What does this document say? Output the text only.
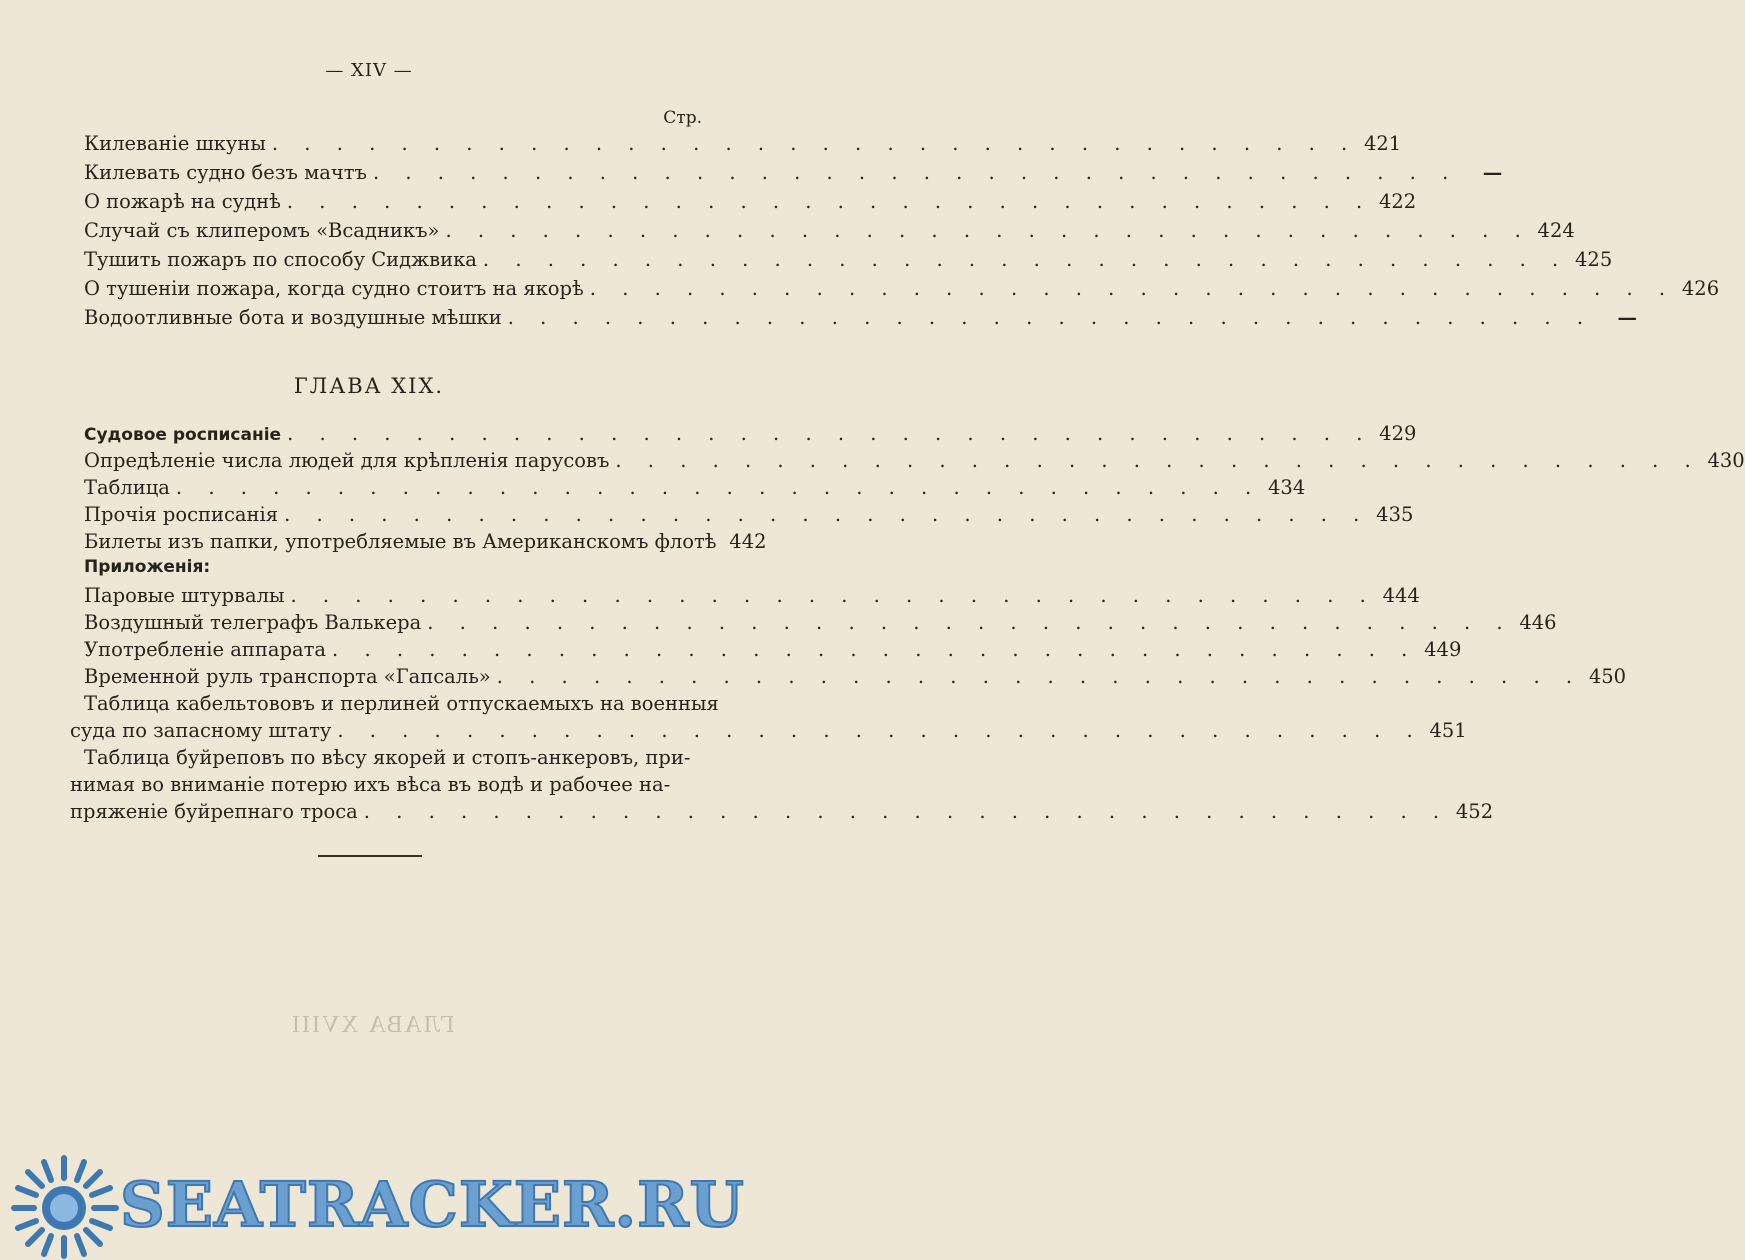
ГЛАВА XVIII
— XIV —
Стр.
Килеваніе шкуны . . . . . . . . . . . . . . . . . . . . . . . . . . . . . . . . . . 421
Килевать судно безъ мачтъ . . . . . . . . . . . . . . . . . . . . . . . . . . . . . . . . . .	—
О пожарѣ на суднѣ . . . . . . . . . . . . . . . . . . . . . . . . . . . . . . . . . . 422
Случай съ клиперомъ «Всадникъ» . . . . . . . . . . . . . . . . . . . . . . . . . . . . . . . . . . 424
Тушить пожаръ по способу Сиджвика . . . . . . . . . . . . . . . . . . . . . . . . . . . . . . . . . . 425
О тушеніи пожара, когда судно стоитъ на якорѣ . . . . . . . . . . . . . . . . . . . . . . . . . . . . . . . . . . 426
Водоотливные бота и воздушные мѣшки . . . . . . . . . . . . . . . . . . . . . . . . . . . . . . . . . .	—
ГЛАВА XIX.
Судовое росписаніе . . . . . . . . . . . . . . . . . . . . . . . . . . . . . . . . . . 429
Опредѣленіе числа людей для крѣпленія парусовъ . . . . . . . . . . . . . . . . . . . . . . . . . . . . . . . . . . 430
Таблица . . . . . . . . . . . . . . . . . . . . . . . . . . . . . . . . . . 434
Прочія росписанія . . . . . . . . . . . . . . . . . . . . . . . . . . . . . . . . . . 435
Билеты изъ папки, употребляемые въ Американскомъ флотѣ 442
Приложенія:
Паровые штурвалы . . . . . . . . . . . . . . . . . . . . . . . . . . . . . . . . . . 444
Воздушный телеграфъ Валькера . . . . . . . . . . . . . . . . . . . . . . . . . . . . . . . . . . 446
Употребленіе аппарата . . . . . . . . . . . . . . . . . . . . . . . . . . . . . . . . . . 449
Временной руль транспорта «Гапсаль» . . . . . . . . . . . . . . . . . . . . . . . . . . . . . . . . . . 450
Таблица кабельтововъ и перлиней отпускаемыхъ на военныя
суда по запасному штату . . . . . . . . . . . . . . . . . . . . . . . . . . . . . . . . . . 451
Таблица буйреповъ по вѣсу якорей и стопъ-анкеровъ, при-
нимая во вниманіе потерю ихъ вѣса въ водѣ и рабочее на-
пряженіе буйрепнаго троса . . . . . . . . . . . . . . . . . . . . . . . . . . . . . . . . . . 452
SEATRACKER.RU
